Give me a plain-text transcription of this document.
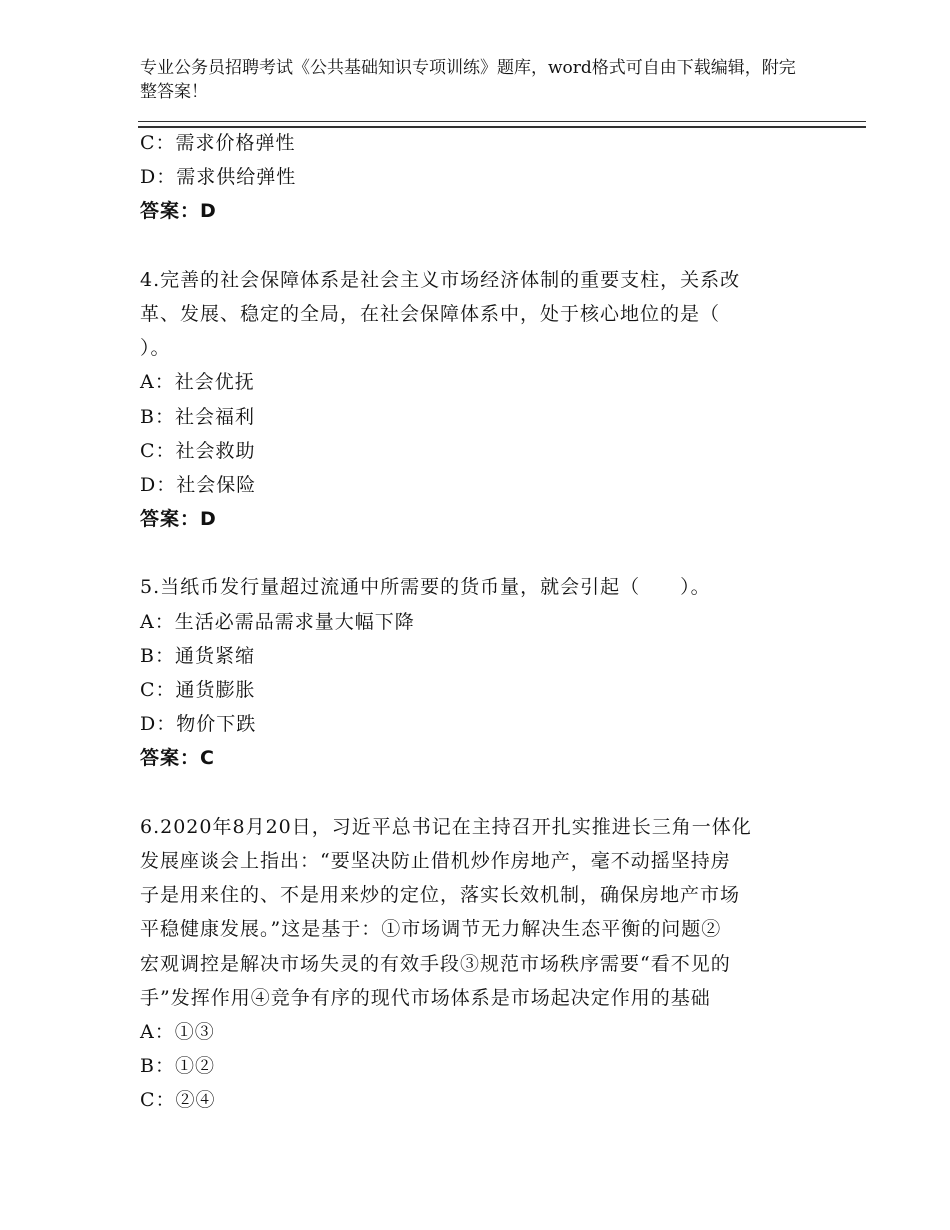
专业公务员招聘考试《公共基础知识专项训练》题库，word格式可自由下载编辑，附完整答案！
C：需求价格弹性
D：需求供给弹性
答案：D
4.完善的社会保障体系是社会主义市场经济体制的重要支柱，关系改
革、发展、稳定的全局，在社会保障体系中，处于核心地位的是（
）。
A：社会优抚
B：社会福利
C：社会救助
D：社会保险
答案：D
5.当纸币发行量超过流通中所需要的货币量，就会引起（　　）。
A：生活必需品需求量大幅下降
B：通货紧缩
C：通货膨胀
D：物价下跌
答案：C
6.2020年8月20日，习近平总书记在主持召开扎实推进长三角一体化
发展座谈会上指出：“要坚决防止借机炒作房地产，毫不动摇坚持房
子是用来住的、不是用来炒的定位，落实长效机制，确保房地产市场
平稳健康发展。”这是基于：①市场调节无力解决生态平衡的问题②
宏观调控是解决市场失灵的有效手段③规范市场秩序需要“看不见的
手”发挥作用④竞争有序的现代市场体系是市场起决定作用的基础
A：①③
B：①②
C：②④
